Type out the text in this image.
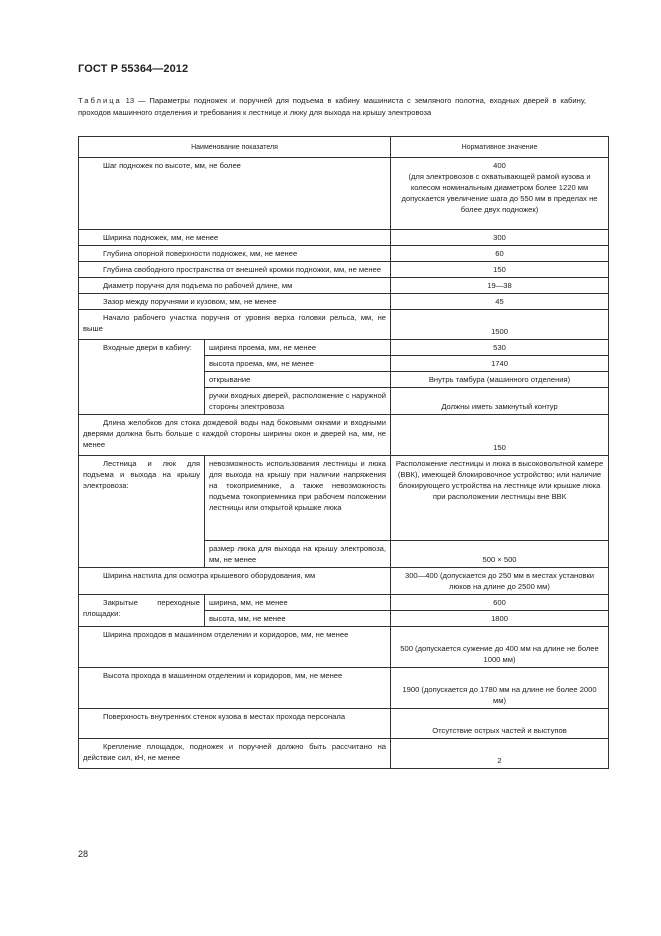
ГОСТ Р 55364—2012
Таблица 13 — Параметры подножек и поручней для подъема в кабину машиниста с земляного полотна, входных дверей в кабину, проходов машинного отделения и требования к лестнице и люку для выхода на крышу электровоза
Наименование показателя		Нормативное значение
Шаг подножек по высоте, мм, не более		400
(для электровозов с охватывающей рамой кузова и колесом номинальным диаметром более 1220 мм допускается увеличение шага до 550 мм в пределах не более двух подножек)
Ширина подножек, мм, не менее		300
Глубина опорной поверхности подножек, мм, не менее		60
Глубина свободного пространства от внешней кромки подножки, мм, не менее		150
Диаметр поручня для подъема по рабочей длине, мм		19—38
Зазор между поручнями и кузовом, мм, не менее		45
Начало рабочего участка поручня от уровня верха головки рельса, мм, не выше		1500
Входные двери в кабину:	ширина проема, мм, не менее	530
	высота проема, мм, не менее	1740
	открывание	Внутрь тамбура (машинного отделения)
	ручки входных дверей, расположение с наружной стороны электровоза	Должны иметь замкнутый контур
Длина желобков для стока дождевой воды над боковыми окнами и входными дверями должна быть больше с каждой стороны ширины окон и дверей на, мм, не менее		150
Лестница и люк для подъема и выхода на крышу электровоза:	невозможность использования лестницы и люка для выхода на крышу при наличии напряжения на токоприемнике, а также невозможность подъема токоприемника при рабочем положении лестницы или открытой крышке люка	Расположение лестницы и люка в высоковольтной камере (ВВК), имеющей блокировочное устройство; или наличие блокирующего устройства на лестнице или крышке люка при расположении лестницы вне ВВК
	размер люка для выхода на крышу электровоза, мм, не менее	500 × 500
Ширина настила для осмотра крышевого оборудования, мм		300—400 (допускается до 250 мм в местах установки люков на длине до 2500 мм)
Закрытые переходные площадки:	ширина, мм, не менее	600
	высота, мм, не менее	1800
Ширина проходов в машинном отделении и коридоров, мм, не менее		500 (допускается сужение до 400 мм на длине не более 1000 мм)
Высота прохода в машинном отделении и коридоров, мм, не менее		1900 (допускается до 1780 мм на длине не более 2000 мм)
Поверхность внутренних стенок кузова в местах прохода персонала		Отсутствие острых частей и выступов
Крепление площадок, подножек и поручней должно быть рассчитано на действие сил, кН, не менее		2
28
